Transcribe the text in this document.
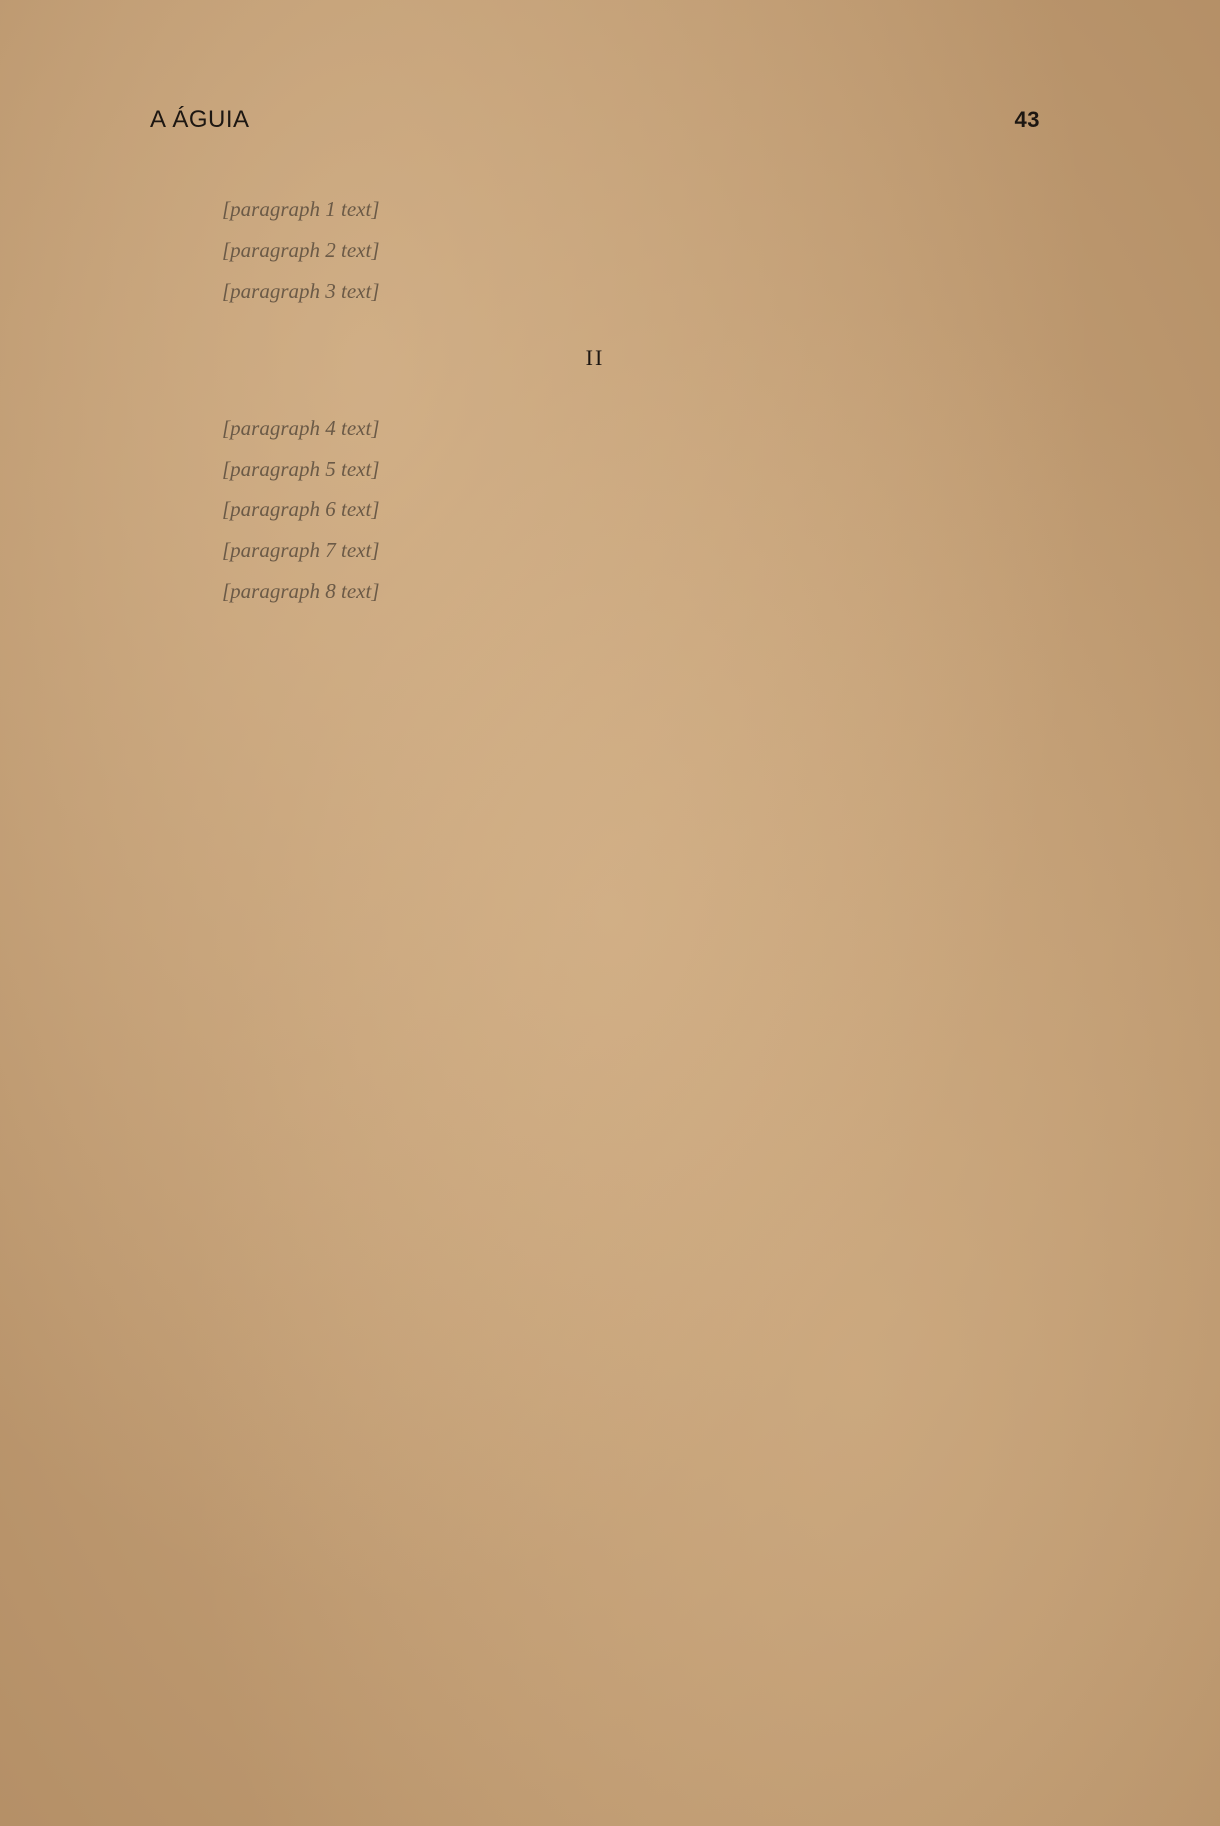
A ÁGUIA	43

[paragraph 1 text]

[paragraph 2 text]

[paragraph 3 text]

II

[paragraph 4 text]

[paragraph 5 text]

[paragraph 6 text]

[paragraph 7 text]

[paragraph 8 text]
